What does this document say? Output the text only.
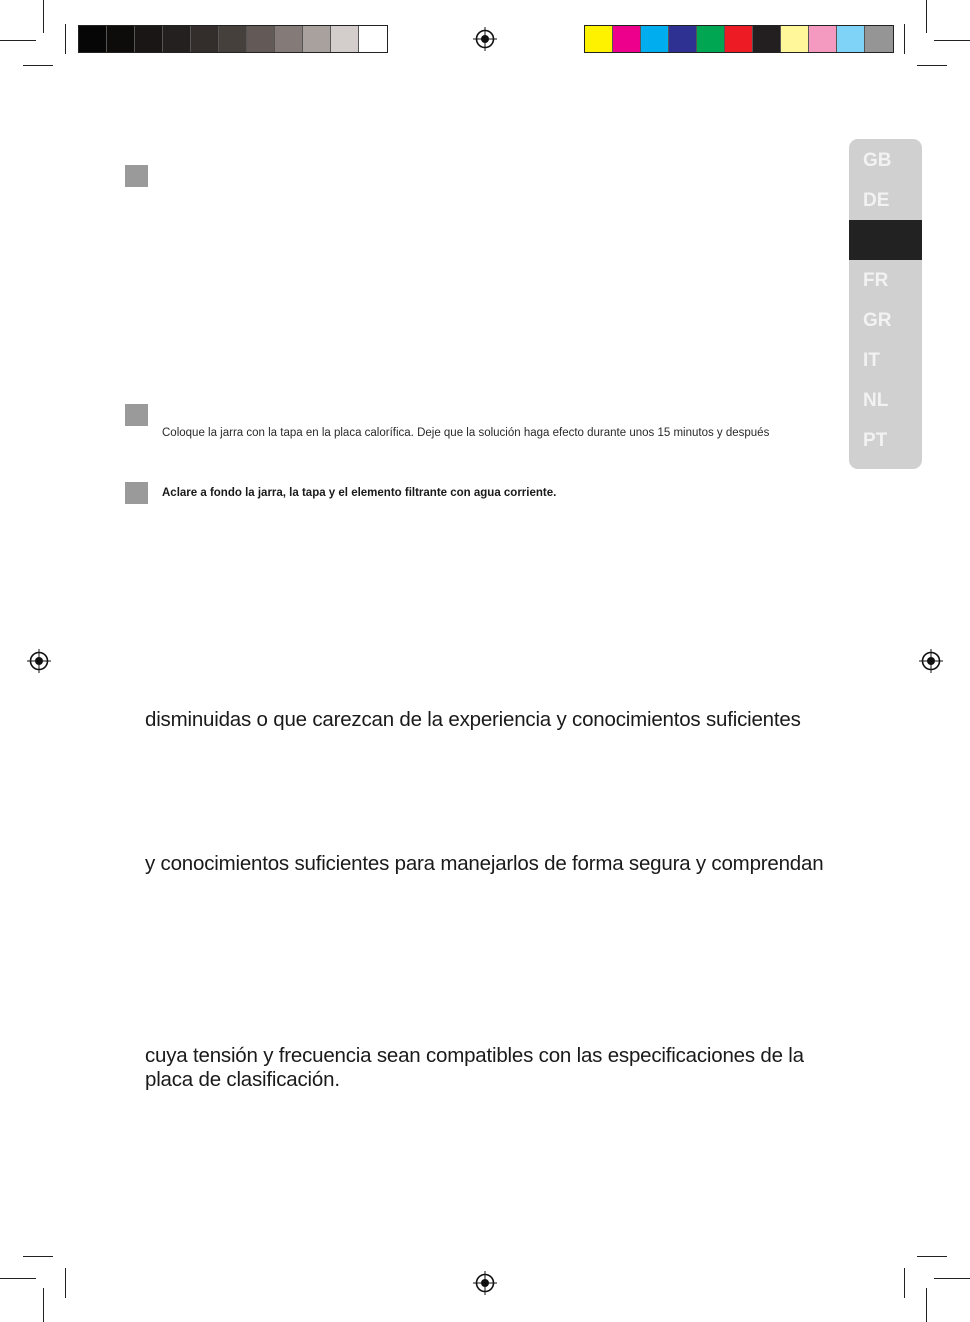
GB
DE
FR
GR
IT
NL
PT
Coloque la jarra con la tapa en la placa calorífica. Deje que la solución haga efecto durante unos 15 minutos y después
Aclare a fondo la jarra, la tapa y el elemento filtrante con agua corriente.
disminuidas o que carezcan de la experiencia y conocimientos suficientes
y conocimientos suficientes para manejarlos de forma segura y comprendan
cuya tensión y frecuencia sean compatibles con las especificaciones de la
placa de clasificación.
